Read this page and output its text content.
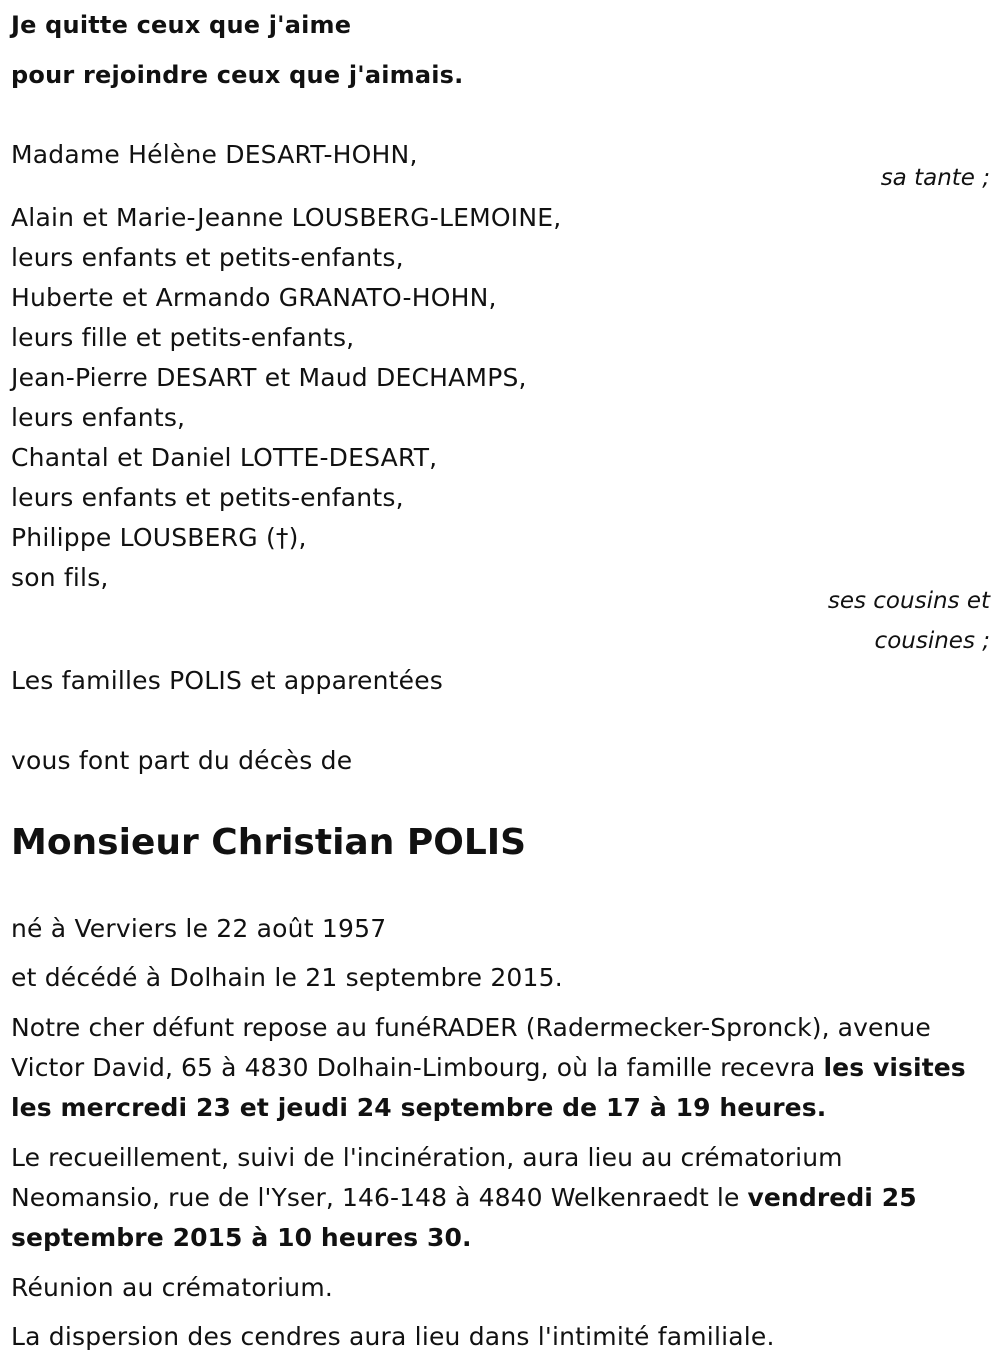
Je quitte ceux que j'aime
pour rejoindre ceux que j'aimais.
Madame Hélène DESART-HOHN,
sa tante ;
Alain et Marie-Jeanne LOUSBERG-LEMOINE,
leurs enfants et petits-enfants,
Huberte et Armando GRANATO-HOHN,
leurs fille et petits-enfants,
Jean-Pierre DESART et Maud DECHAMPS,
leurs enfants,
Chantal et Daniel LOTTE-DESART,
leurs enfants et petits-enfants,
Philippe LOUSBERG (†),
son fils,
ses cousins et
cousines ;
Les familles POLIS et apparentées
vous font part du décès de
Monsieur Christian POLIS
né à Verviers le 22 août 1957
et décédé à Dolhain le 21 septembre 2015.
Notre cher défunt repose au funéRADER (Radermecker-Spronck), avenue Victor David, 65 à 4830 Dolhain-Limbourg, où la famille recevra les visites les mercredi 23 et jeudi 24 septembre de 17 à 19 heures.
Le recueillement, suivi de l'incinération, aura lieu au crématorium Neomansio, rue de l'Yser, 146-148 à 4840 Welkenraedt le vendredi 25 septembre 2015 à 10 heures 30.
Réunion au crématorium.
La dispersion des cendres aura lieu dans l'intimité familiale.
